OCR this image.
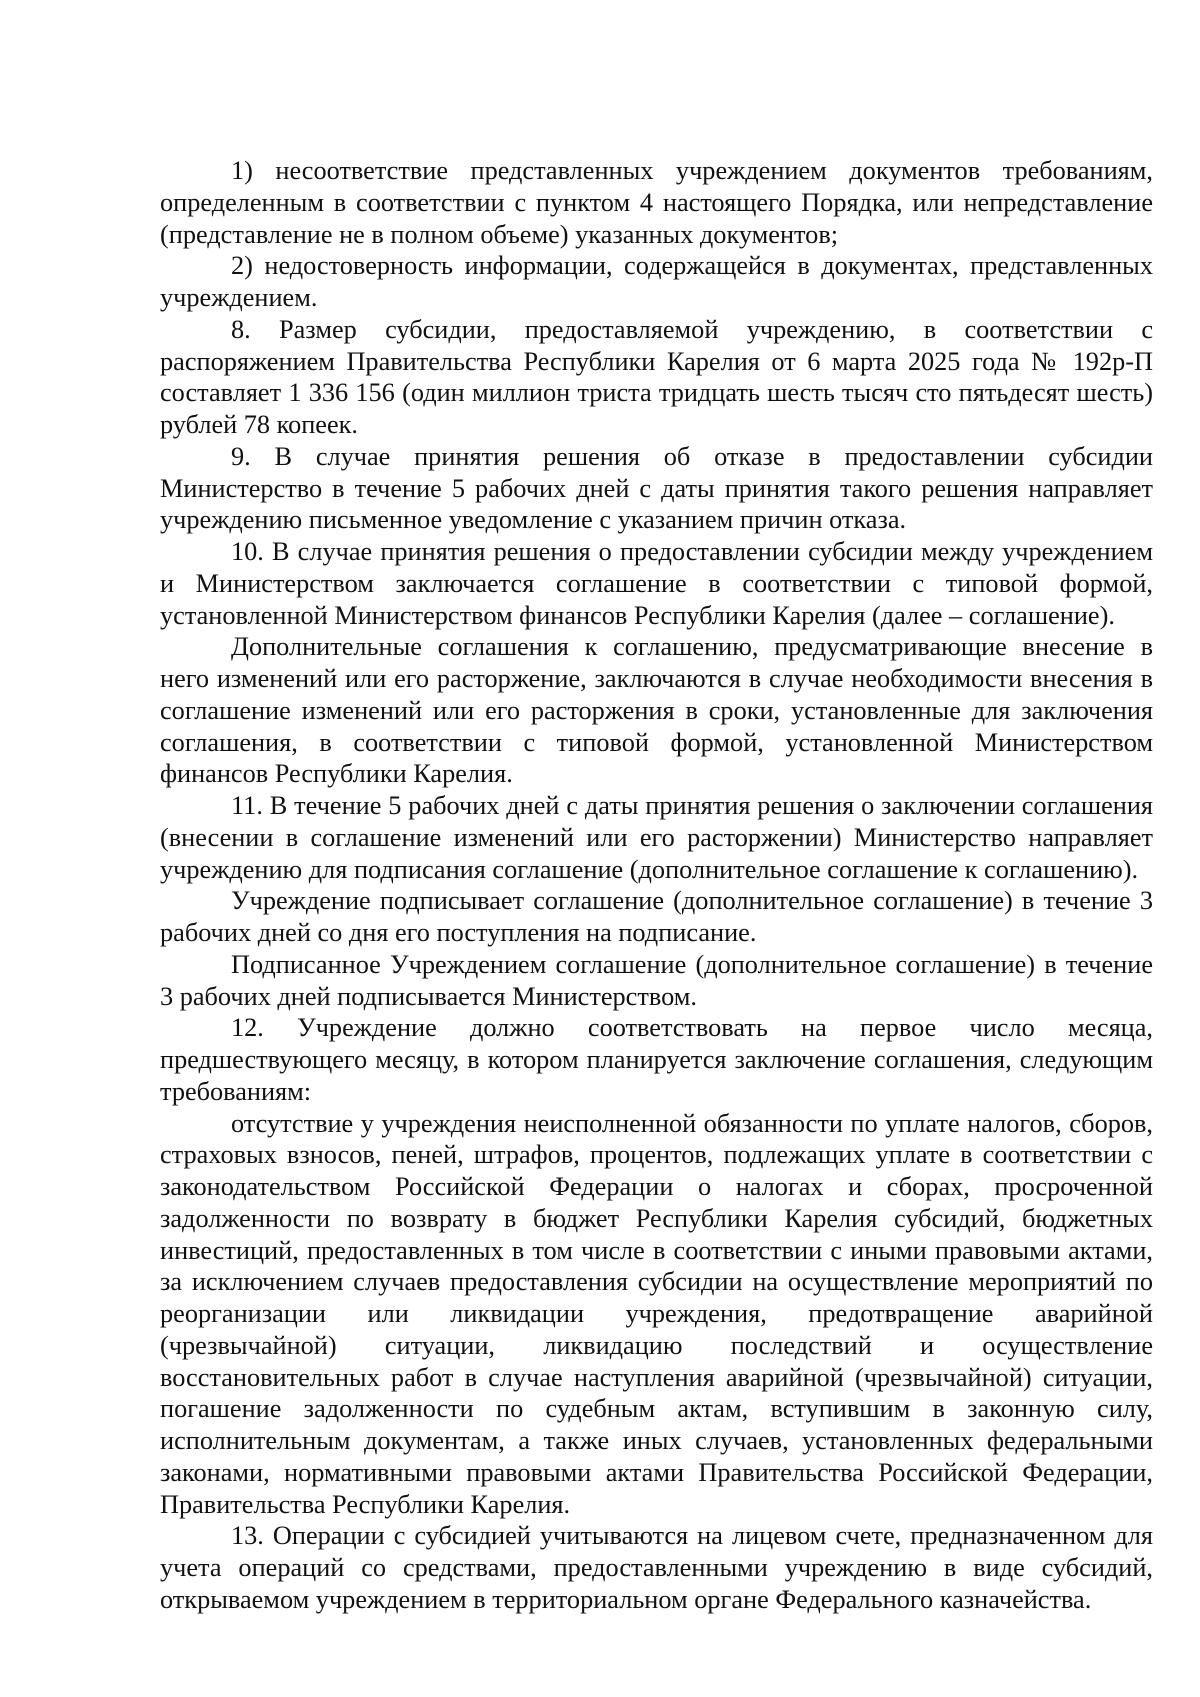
1) несоответствие представленных учреждением документов требованиям, определенным в соответствии с пунктом 4 настоящего Порядка, или непредставление (представление не в полном объеме) указанных документов;

2) недостоверность информации, содержащейся в документах, представленных учреждением.

8. Размер субсидии, предоставляемой учреждению, в соответствии с распоряжением Правительства Республики Карелия от 6 марта 2025 года № 192р-П составляет 1 336 156 (один миллион триста тридцать шесть тысяч сто пятьдесят шесть) рублей 78 копеек.

9. В случае принятия решения об отказе в предоставлении субсидии Министерство в течение 5 рабочих дней с даты принятия такого решения направляет учреждению письменное уведомление с указанием причин отказа.

10. В случае принятия решения о предоставлении субсидии между учреждением и Министерством заключается соглашение в соответствии с типовой формой, установленной Министерством финансов Республики Карелия (далее – соглашение).

Дополнительные соглашения к соглашению, предусматривающие внесение в него изменений или его расторжение, заключаются в случае необходимости внесения в соглашение изменений или его расторжения в сроки, установленные для заключения соглашения, в соответствии с типовой формой, установленной Министерством финансов Республики Карелия.

11. В течение 5 рабочих дней с даты принятия решения о заключении соглашения (внесении в соглашение изменений или его расторжении) Министерство направляет учреждению для подписания соглашение (дополнительное соглашение к соглашению).

Учреждение подписывает соглашение (дополнительное соглашение) в течение 3 рабочих дней со дня его поступления на подписание.

Подписанное Учреждением соглашение (дополнительное соглашение) в течение 3 рабочих дней подписывается Министерством.

12. Учреждение должно соответствовать на первое число месяца, предшествующего месяцу, в котором планируется заключение соглашения, следующим требованиям:

отсутствие у учреждения неисполненной обязанности по уплате налогов, сборов, страховых взносов, пеней, штрафов, процентов, подлежащих уплате в соответствии с законодательством Российской Федерации о налогах и сборах, просроченной задолженности по возврату в бюджет Республики Карелия субсидий, бюджетных инвестиций, предоставленных в том числе в соответствии с иными правовыми актами, за исключением случаев предоставления субсидии на осуществление мероприятий по реорганизации или ликвидации учреждения, предотвращение аварийной (чрезвычайной) ситуации, ликвидацию последствий и осуществление восстановительных работ в случае наступления аварийной (чрезвычайной) ситуации, погашение задолженности по судебным актам, вступившим в законную силу, исполнительным документам, а также иных случаев, установленных федеральными законами, нормативными правовыми актами Правительства Российской Федерации, Правительства Республики Карелия.

13. Операции с субсидией учитываются на лицевом счете, предназначенном для учета операций со средствами, предоставленными учреждению в виде субсидий, открываемом учреждением в территориальном органе Федерального казначейства.
